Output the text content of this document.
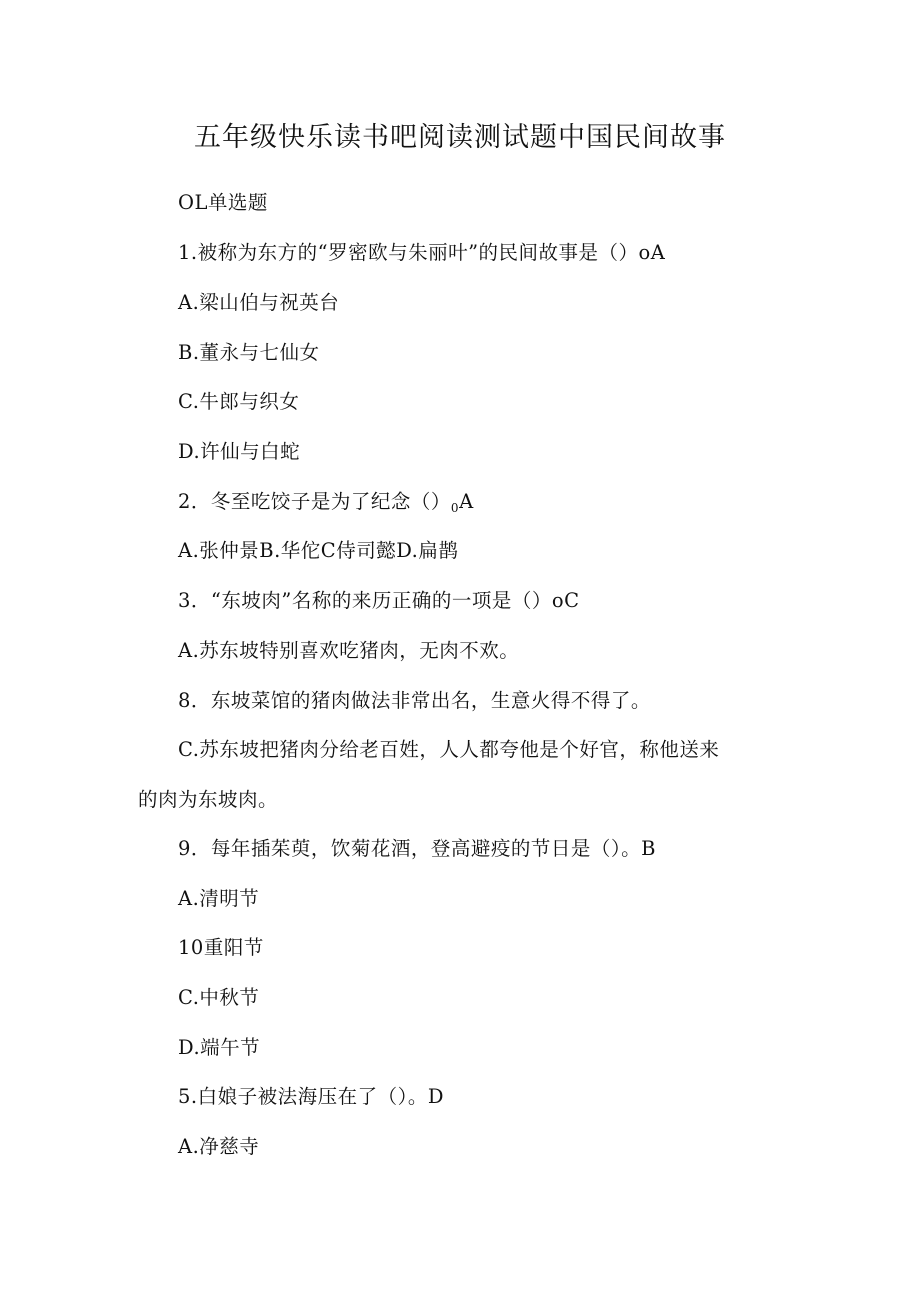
五年级快乐读书吧阅读测试题中国民间故事
OL单选题
1.被称为东方的“罗密欧与朱丽叶”的民间故事是（）oA
A.梁山伯与祝英台
B.董永与七仙女
C.牛郎与织女
D.许仙与白蛇
2．冬至吃饺子是为了纪念$()_0A$
A.张仲景B.华佗C侍司懿D.扁鹊
3．“东坡肉”名称的来历正确的一项是（）oC
A.苏东坡特别喜欢吃猪肉，无肉不欢。
8．东坡菜馆的猪肉做法非常出名，生意火得不得了。
C.苏东坡把猪肉分给老百姓，人人都夸他是个好官，称他送来
的肉为东坡肉。
9．每年插茱萸，饮菊花酒，登高避疫的节日是（）。B
A.清明节
10重阳节
C.中秋节
D.端午节
5.白娘子被法海压在了（）。D
A.净慈寺
